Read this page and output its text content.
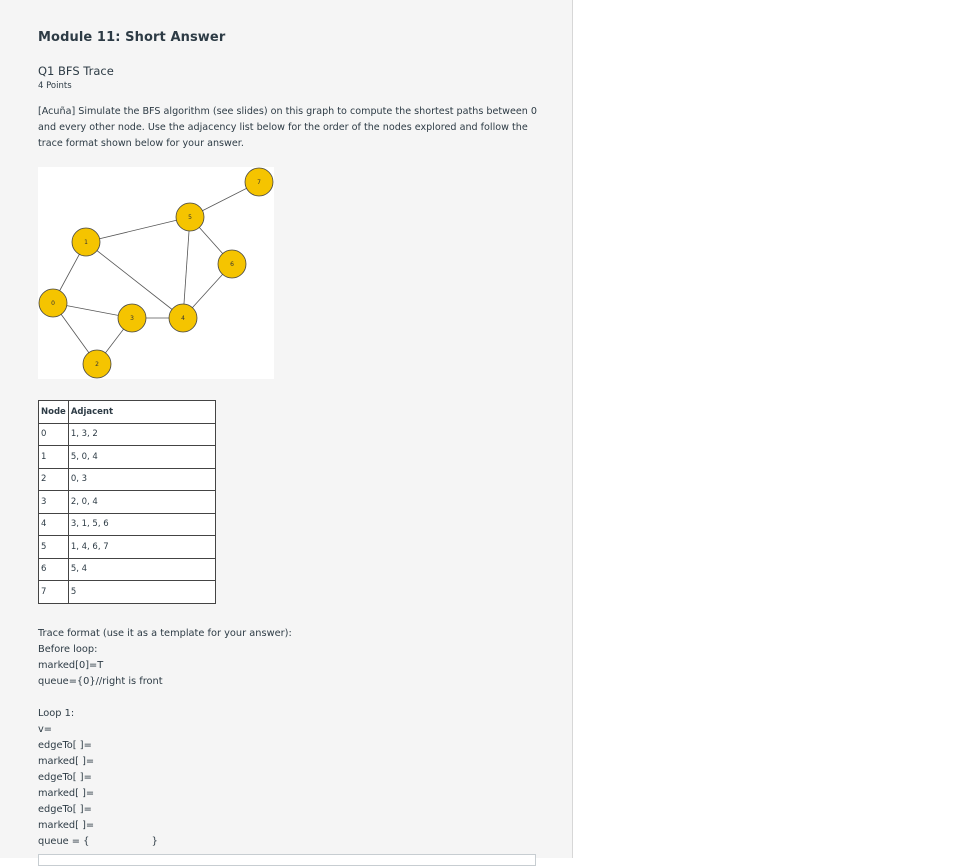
Module 11: Short Answer
Q1 BFS Trace
4 Points
[Acuña] Simulate the BFS algorithm (see slides) on this graph to compute the shortest paths between 0 and every other node. Use the adjacency list below for the order of the nodes explored and follow the trace format shown below for your answer.
0
1
2
3	4
5
6
7
Node	Adjacent
0	1, 3, 2
1	5, 0, 4
2	0, 3
3	2, 0, 4
4	3, 1, 5, 6
5	1, 4, 6, 7
6	5, 4
7	5
Trace format (use it as a template for your answer):
Before loop:
marked[0]=T
queue={0}//right is front
Loop 1:
v=
edgeTo[ ]=
marked[ ]=
edgeTo[ ]=
marked[ ]=
edgeTo[ ]=
marked[ ]=
queue = {                    }
